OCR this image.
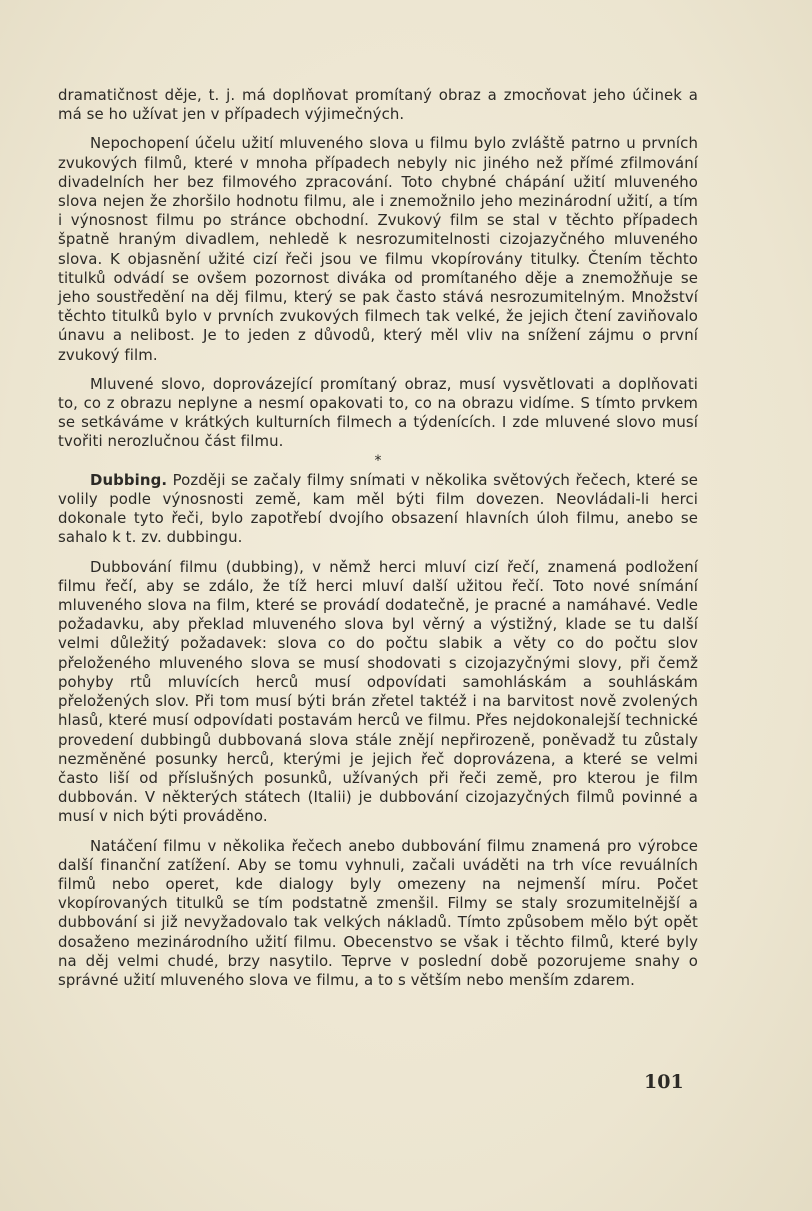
dramatičnost děje, t. j. má doplňovat promítaný obraz a zmocňovat jeho účinek a má se ho užívat jen v případech výjimečných.

Nepochopení účelu užití mluveného slova u filmu bylo zvláště patrno u prvních zvukových filmů, které v mnoha případech nebyly nic jiného než přímé zfilmování divadelních her bez filmového zpracování. Toto chybné chápání užití mluveného slova nejen že zhoršilo hodnotu filmu, ale i znemožnilo jeho mezinárodní užití, a tím i výnosnost filmu po stránce obchodní. Zvukový film se stal v těchto případech špatně hraným divadlem, nehledě k nesrozumitelnosti cizojazyčného mluveného slova. K objasnění užité cizí řeči jsou ve filmu vkopírovány titulky. Čtením těchto titulků odvádí se ovšem pozornost diváka od promítaného děje a znemožňuje se jeho soustředění na děj filmu, který se pak často stává nesrozumitelným. Množství těchto titulků bylo v prvních zvukových filmech tak velké, že jejich čtení zaviňovalo únavu a nelibost. Je to jeden z důvodů, který měl vliv na snížení zájmu o první zvukový film.

Mluvené slovo, doprovázející promítaný obraz, musí vysvětlovati a doplňovati to, co z obrazu neplyne a nesmí opakovati to, co na obrazu vidíme. S tímto prvkem se setkáváme v krátkých kulturních filmech a týdenících. I zde mluvené slovo musí tvořiti nerozlučnou část filmu.

*

Dubbing. Později se začaly filmy snímati v několika světových řečech, které se volily podle výnosnosti země, kam měl býti film dovezen. Neovládali-li herci dokonale tyto řeči, bylo zapotřebí dvojího obsazení hlavních úloh filmu, anebo se sahalo k t. zv. dubbingu.

Dubbování filmu (dubbing), v němž herci mluví cizí řečí, znamená podložení filmu řečí, aby se zdálo, že tíž herci mluví další užitou řečí. Toto nové snímání mluveného slova na film, které se provádí dodatečně, je pracné a namáhavé. Vedle požadavku, aby překlad mluveného slova byl věrný a výstižný, klade se tu další velmi důležitý požadavek: slova co do počtu slabik a věty co do počtu slov přeloženého mluveného slova se musí shodovati s cizojazyčnými slovy, při čemž pohyby rtů mluvících herců musí odpovídati samohláskám a souhláskám přeložených slov. Při tom musí býti brán zřetel taktéž i na barvitost nově zvolených hlasů, které musí odpovídati postavám herců ve filmu. Přes nejdokonalejší technické provedení dubbingů dubbovaná slova stále znějí nepřirozeně, poněvadž tu zůstaly nezměněné posunky herců, kterými je jejich řeč doprovázena, a které se velmi často liší od příslušných posunků, užívaných při řeči země, pro kterou je film dubbován. V některých státech (Italii) je dubbování cizojazyčných filmů povinné a musí v nich býti prováděno.

Natáčení filmu v několika řečech anebo dubbování filmu znamená pro výrobce další finanční zatížení. Aby se tomu vyhnuli, začali uváděti na trh více revuálních filmů nebo operet, kde dialogy byly omezeny na nejmenší míru. Počet vkopírovaných titulků se tím podstatně zmenšil. Filmy se staly srozumitelnější a dubbování si již nevyžadovalo tak velkých nákladů. Tímto způsobem mělo být opět dosaženo mezinárodního užití filmu. Obecenstvo se však i těchto filmů, které byly na děj velmi chudé, brzy nasytilo. Teprve v poslední době pozorujeme snahy o správné užití mluveného slova ve filmu, a to s větším nebo menším zdarem.

101
